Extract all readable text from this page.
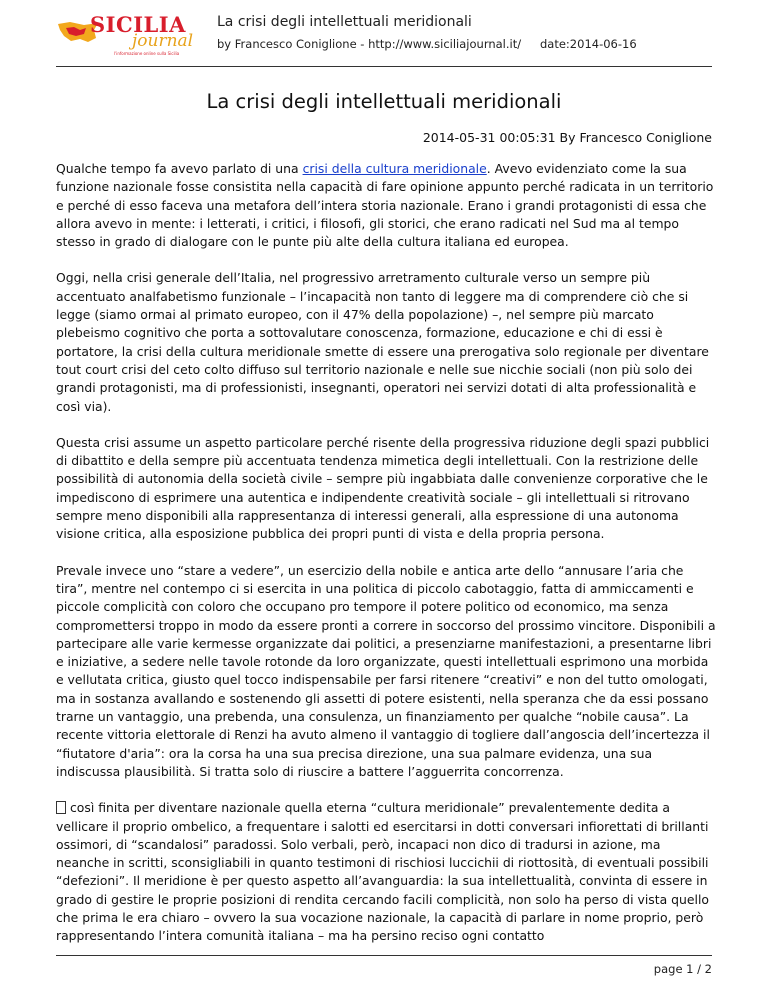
SICILIA
journal
l'informazione online sulla Sicilia
La crisi degli intellettuali meridionali
by Francesco Coniglione - http://www.siciliajournal.it/ date:2014-06-16
La crisi degli intellettuali meridionali
2014-05-31 00:05:31 By Francesco Coniglione

Qualche tempo fa avevo parlato di una crisi della cultura meridionale. Avevo evidenziato come la sua funzione nazionale fosse consistita nella capacità di fare opinione appunto perché radicata in un territorio e perché di esso faceva una metafora dell’intera storia nazionale. Erano i grandi protagonisti di essa che allora avevo in mente: i letterati, i critici, i filosofi, gli storici, che erano radicati nel Sud ma al tempo stesso in grado di dialogare con le punte più alte della cultura italiana ed europea.

Oggi, nella crisi generale dell’Italia, nel progressivo arretramento culturale verso un sempre più accentuato analfabetismo funzionale – l’incapacità non tanto di leggere ma di comprendere ciò che si legge (siamo ormai al primato europeo, con il 47% della popolazione) –, nel sempre più marcato plebeismo cognitivo che porta a sottovalutare conoscenza, formazione, educazione e chi di essi è portatore, la crisi della cultura meridionale smette di essere una prerogativa solo regionale per diventare tout court crisi del ceto colto diffuso sul territorio nazionale e nelle sue nicchie sociali (non più solo dei grandi protagonisti, ma di professionisti, insegnanti, operatori nei servizi dotati di alta professionalità e così via).

Questa crisi assume un aspetto particolare perché risente della progressiva riduzione degli spazi pubblici di dibattito e della sempre più accentuata tendenza mimetica degli intellettuali. Con la restrizione delle possibilità di autonomia della società civile – sempre più ingabbiata dalle convenienze corporative che le impediscono di esprimere una autentica e indipendente creatività sociale – gli intellettuali si ritrovano sempre meno disponibili alla rappresentanza di interessi generali, alla espressione di una autonoma visione critica, alla esposizione pubblica dei propri punti di vista e della propria persona.

Prevale invece uno “stare a vedere”, un esercizio della nobile e antica arte dello “annusare l’aria che tira”, mentre nel contempo ci si esercita in una politica di piccolo cabotaggio, fatta di ammiccamenti e piccole complicità con coloro che occupano pro tempore il potere politico od economico, ma senza compromettersi troppo in modo da essere pronti a correre in soccorso del prossimo vincitore. Disponibili a partecipare alle varie kermesse organizzate dai politici, a presenziarne manifestazioni, a presentarne libri e iniziative, a sedere nelle tavole rotonde da loro organizzate, questi intellettuali esprimono una morbida e vellutata critica, giusto quel tocco indispensabile per farsi ritenere “creativi” e non del tutto omologati, ma in sostanza avallando e sostenendo gli assetti di potere esistenti, nella speranza che da essi possano trarne un vantaggio, una prebenda, una consulenza, un finanziamento per qualche “nobile causa”. La recente vittoria elettorale di Renzi ha avuto almeno il vantaggio di togliere dall’angoscia dell’incertezza il “fiutatore d'aria”: ora la corsa ha una sua precisa direzione, una sua palmare evidenza, una sua indiscussa plausibilità. Si tratta solo di riuscire a battere l’agguerrita concorrenza.

così finita per diventare nazionale quella eterna “cultura meridionale” prevalentemente dedita a vellicare il proprio ombelico, a frequentare i salotti ed esercitarsi in dotti conversari infiorettati di brillanti ossimori, di “scandalosi” paradossi. Solo verbali, però, incapaci non dico di tradursi in azione, ma neanche in scritti, sconsigliabili in quanto testimoni di rischiosi luccichii di riottosità, di eventuali possibili “defezioni”. Il meridione è per questo aspetto all’avanguardia: la sua intellettualità, convinta di essere in grado di gestire le proprie posizioni di rendita cercando facili complicità, non solo ha perso di vista quello che prima le era chiaro – ovvero la sua vocazione nazionale, la capacità di parlare in nome proprio, però rappresentando l’intera comunità italiana – ma ha persino reciso ogni contatto

page 1 / 2
